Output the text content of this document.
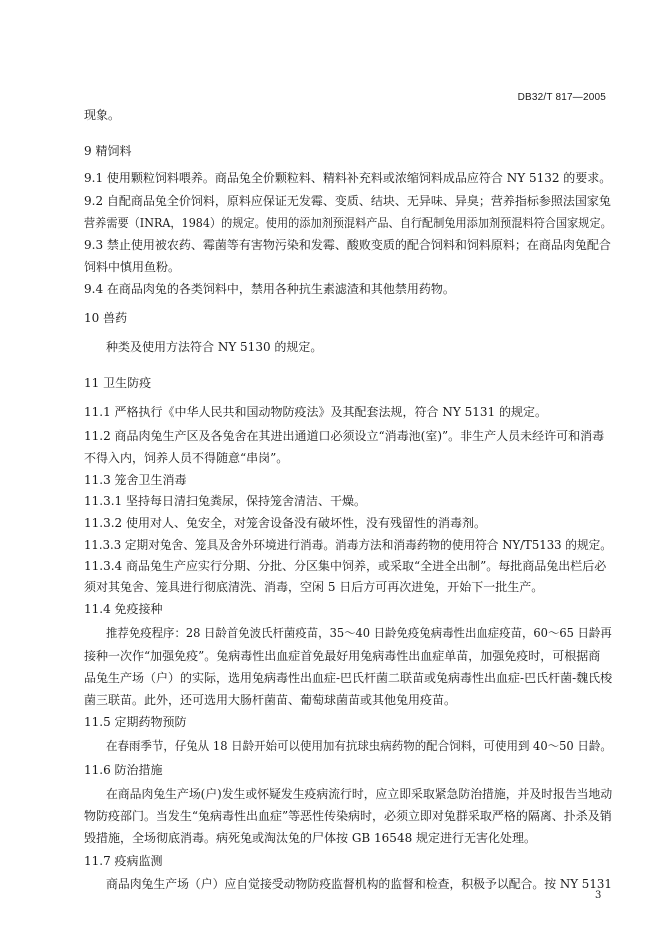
DB32/T 817—2005
现象。
9 精饲料
9.1 使用颗粒饲料喂养。商品兔全价颗粒料、精料补充料或浓缩饲料成品应符合 NY 5132 的要求。
9.2 自配商品兔全价饲料，原料应保证无发霉、变质、结块、无异味、异臭；营养指标参照法国家兔
营养需要（INRA，1984）的规定。使用的添加剂预混料产品、自行配制兔用添加剂预混料符合国家规定。
9.3 禁止使用被农药、霉菌等有害物污染和发霉、酸败变质的配合饲料和饲料原料；在商品肉兔配合
饲料中慎用鱼粉。
9.4 在商品肉兔的各类饲料中，禁用各种抗生素滤渣和其他禁用药物。
10 兽药
种类及使用方法符合 NY 5130 的规定。
11 卫生防疫
11.1 严格执行《中华人民共和国动物防疫法》及其配套法规，符合 NY 5131 的规定。
11.2 商品肉兔生产区及各兔舍在其进出通道口必须设立“消毒池(室)”。非生产人员未经许可和消毒
不得入内，饲养人员不得随意“串岗”。
11.3 笼舍卫生消毒
11.3.1 坚持每日清扫兔粪尿，保持笼舍清洁、干燥。
11.3.2 使用对人、兔安全，对笼舍设备没有破坏性，没有残留性的消毒剂。
11.3.3 定期对兔舍、笼具及舍外环境进行消毒。消毒方法和消毒药物的使用符合 NY/T5133 的规定。
11.3.4 商品兔生产应实行分期、分批、分区集中饲养，或采取“全进全出制”。每批商品兔出栏后必
须对其兔舍、笼具进行彻底清洗、消毒，空闲 5 日后方可再次进兔，开始下一批生产。
11.4 免疫接种
推荐免疫程序：28 日龄首免波氏杆菌疫苗，35～40 日龄免疫兔病毒性出血症疫苗，60～65 日龄再
接种一次作“加强免疫”。兔病毒性出血症首免最好用兔病毒性出血症单苗，加强免疫时，可根据商
品兔生产场（户）的实际，选用兔病毒性出血症-巴氏杆菌二联苗或兔病毒性出血症-巴氏杆菌-魏氏梭
菌三联苗。此外，还可选用大肠杆菌苗、葡萄球菌苗或其他兔用疫苗。
11.5 定期药物预防
在春雨季节，仔兔从 18 日龄开始可以使用加有抗球虫病药物的配合饲料，可使用到 40～50 日龄。
11.6 防治措施
在商品肉兔生产场(户)发生或怀疑发生疫病流行时，应立即采取紧急防治措施，并及时报告当地动
物防疫部门。当发生“兔病毒性出血症”等恶性传染病时，必须立即对兔群采取严格的隔离、扑杀及销
毁措施，全场彻底消毒。病死兔或淘汰兔的尸体按 GB 16548 规定进行无害化处理。
11.7 疫病监测
商品肉兔生产场（户）应自觉接受动物防疫监督机构的监督和检查，积极予以配合。按 NY 5131
3
